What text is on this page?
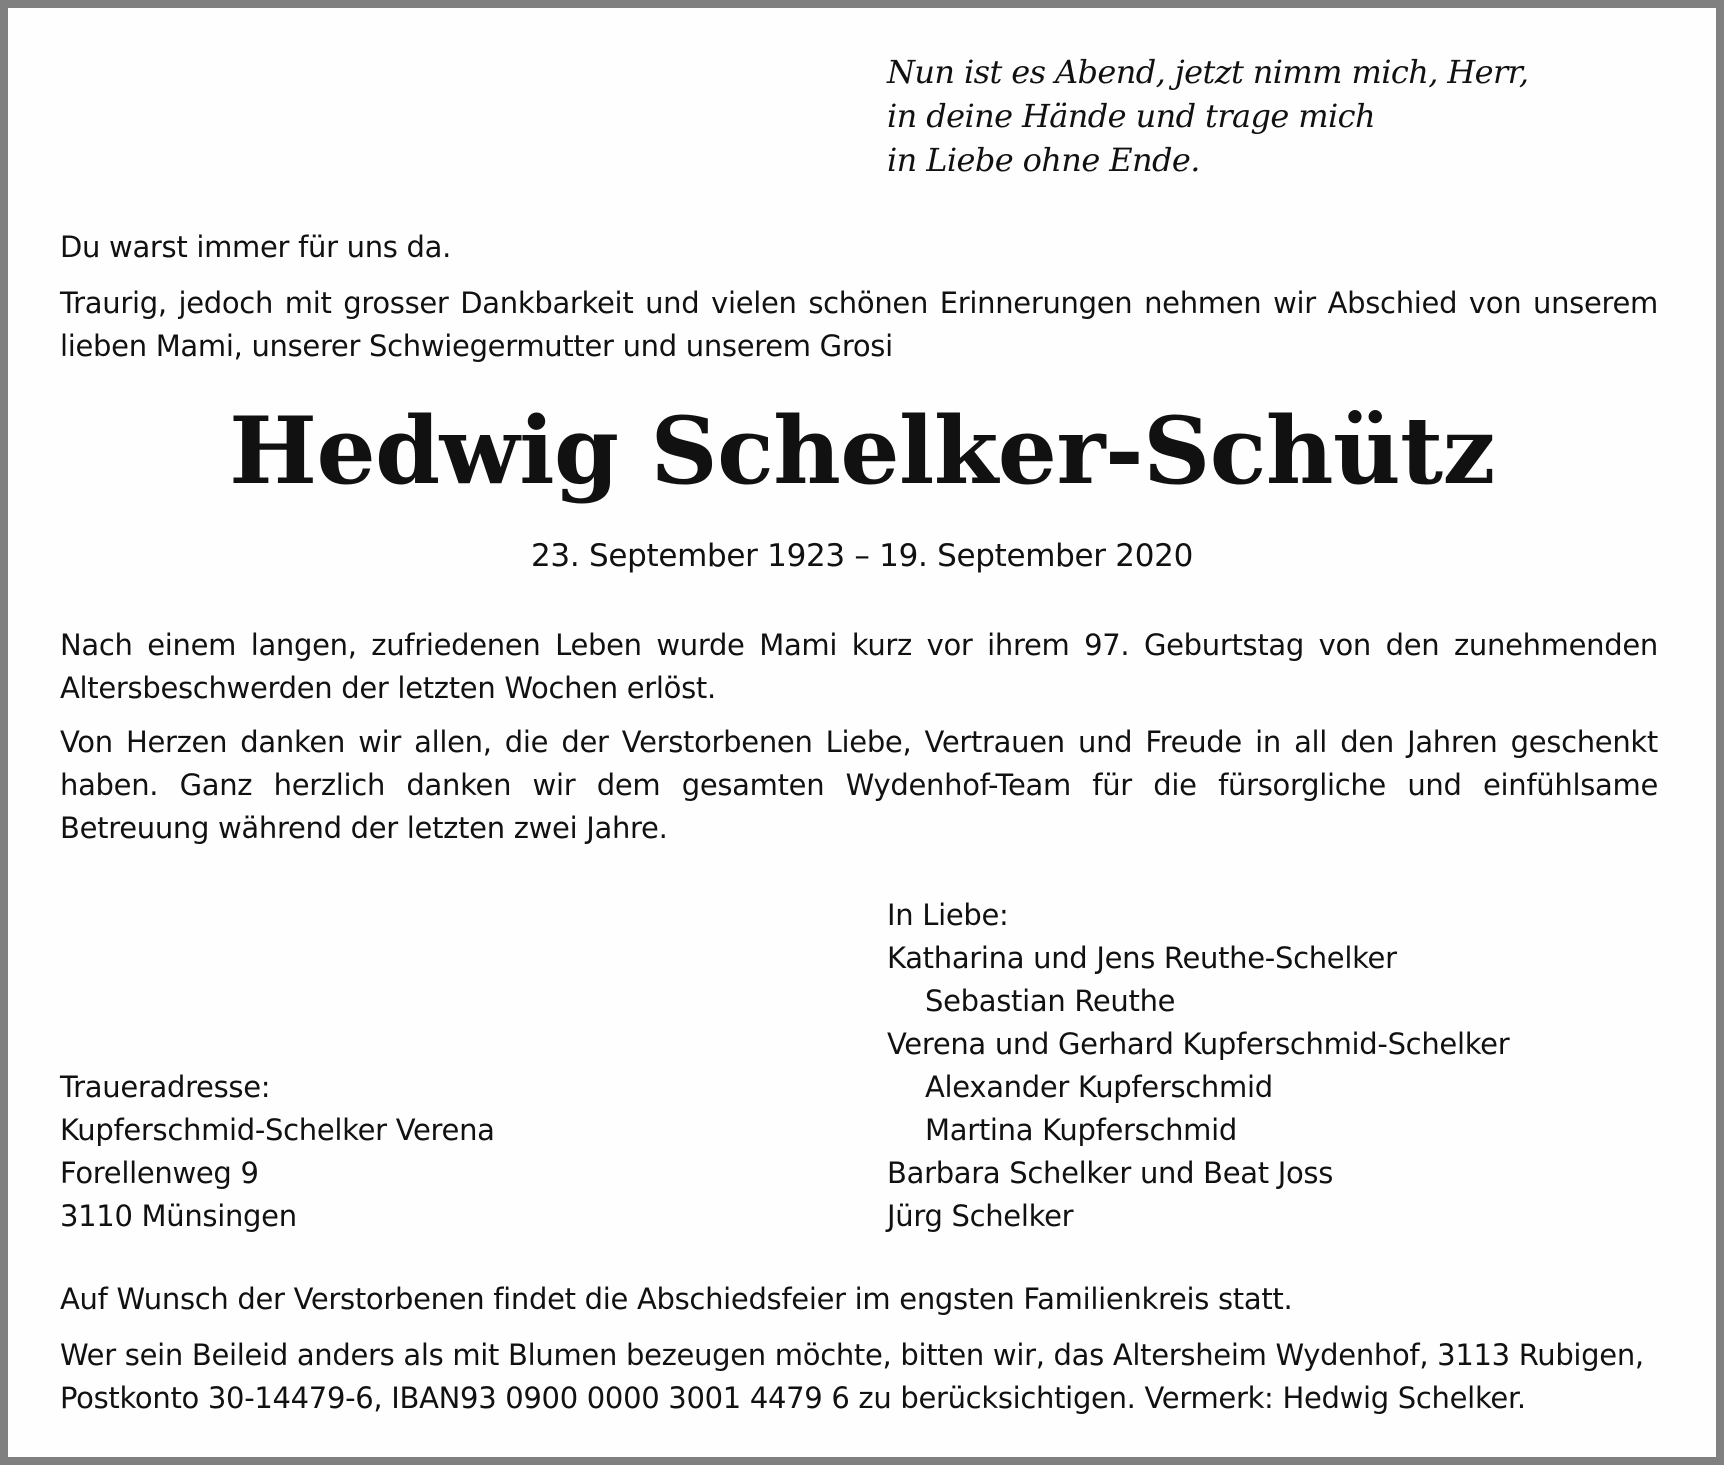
Nun ist es Abend, jetzt nimm mich, Herr,
in deine Hände und trage mich
in Liebe ohne Ende.

Du warst immer für uns da.

Traurig, jedoch mit grosser Dankbarkeit und vielen schönen Erinnerungen nehmen wir Abschied von unserem lieben Mami, unserer Schwiegermutter und unserem Grosi

Hedwig Schelker-Schütz
23. September 1923 – 19. September 2020

Nach einem langen, zufriedenen Leben wurde Mami kurz vor ihrem 97. Geburtstag von den zunehmenden Altersbeschwerden der letzten Wochen erlöst.

Von Herzen danken wir allen, die der Verstorbenen Liebe, Vertrauen und Freude in all den Jahren geschenkt haben. Ganz herzlich danken wir dem gesamten Wydenhof-Team für die fürsorgliche und einfühlsame Betreuung während der letzten zwei Jahre.

In Liebe:
Katharina und Jens Reuthe-Schelker
Sebastian Reuthe
Verena und Gerhard Kupferschmid-Schelker
Alexander Kupferschmid
Martina Kupferschmid
Barbara Schelker und Beat Joss
Jürg Schelker
Traueradresse:
Kupferschmid-Schelker Verena
Forellenweg 9
3110 Münsingen

Auf Wunsch der Verstorbenen findet die Abschiedsfeier im engsten Familienkreis statt.

Wer sein Beileid anders als mit Blumen bezeugen möchte, bitten wir, das Altersheim Wydenhof, 3113 Rubigen,

Postkonto 30-14479-6, IBAN93 0900 0000 3001 4479 6 zu berücksichtigen. Vermerk: Hedwig Schelker.
